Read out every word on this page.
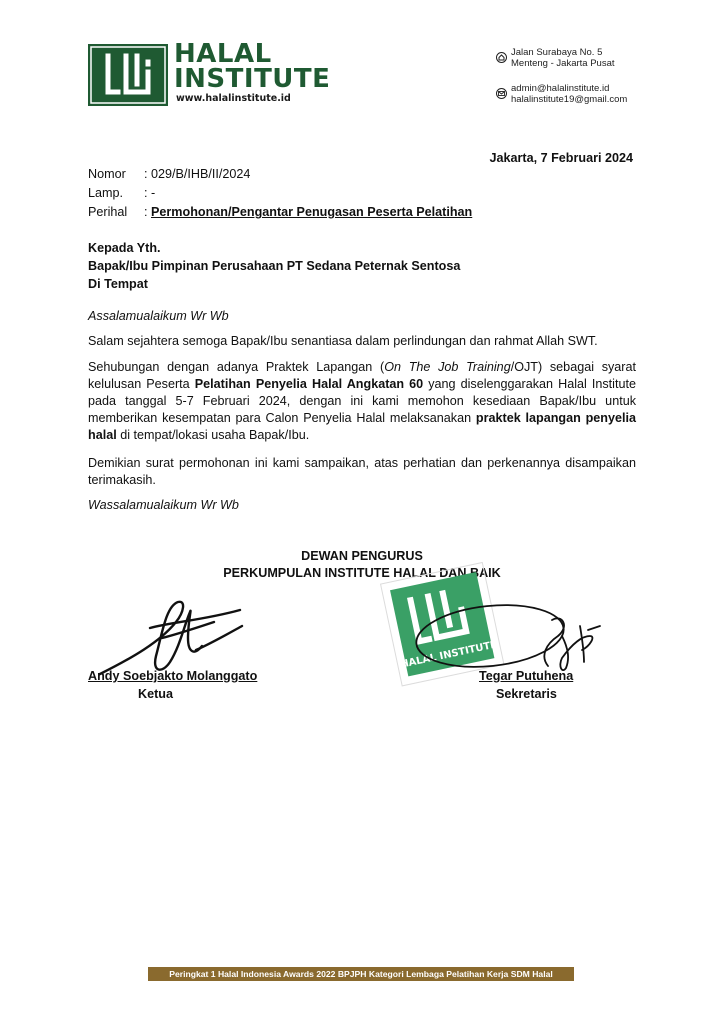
HALAL
INSTITUTE
www.halalinstitute.id
Jalan Surabaya No. 5
Menteng - Jakarta Pusat
admin@halalinstitute.id
halalinstitute19@gmail.com
Jakarta, 7 Februari 2024
Nomor	: 029/B/IHB/II/2024
Lamp.	: -
Perihal	: Permohonan/Pengantar Penugasan Peserta Pelatihan
Kepada Yth.
Bapak/Ibu Pimpinan Perusahaan PT Sedana Peternak Sentosa
Di Tempat
Assalamualaikum Wr Wb
Salam sejahtera semoga Bapak/Ibu senantiasa dalam perlindungan dan rahmat Allah SWT.
Sehubungan dengan adanya Praktek Lapangan (On The Job Training/OJT) sebagai syarat kelulusan Peserta Pelatihan Penyelia Halal Angkatan 60 yang diselenggarakan Halal Institute pada tanggal 5-7 Februari 2024, dengan ini kami memohon kesediaan Bapak/Ibu untuk memberikan kesempatan para Calon Penyelia Halal melaksanakan praktek lapangan penyelia halal di tempat/lokasi usaha Bapak/Ibu.
Demikian surat permohonan ini kami sampaikan, atas perhatian dan perkenannya disampaikan terimakasih.
Wassalamualaikum Wr Wb
DEWAN PENGURUS
PERKUMPULAN INSTITUTE HALAL DAN BAIK
HALAL INSTITUTE
Andy Soebjakto Molanggato
Ketua
Tegar Putuhena
Sekretaris
Peringkat 1 Halal Indonesia Awards 2022 BPJPH Kategori Lembaga Pelatihan Kerja SDM Halal
